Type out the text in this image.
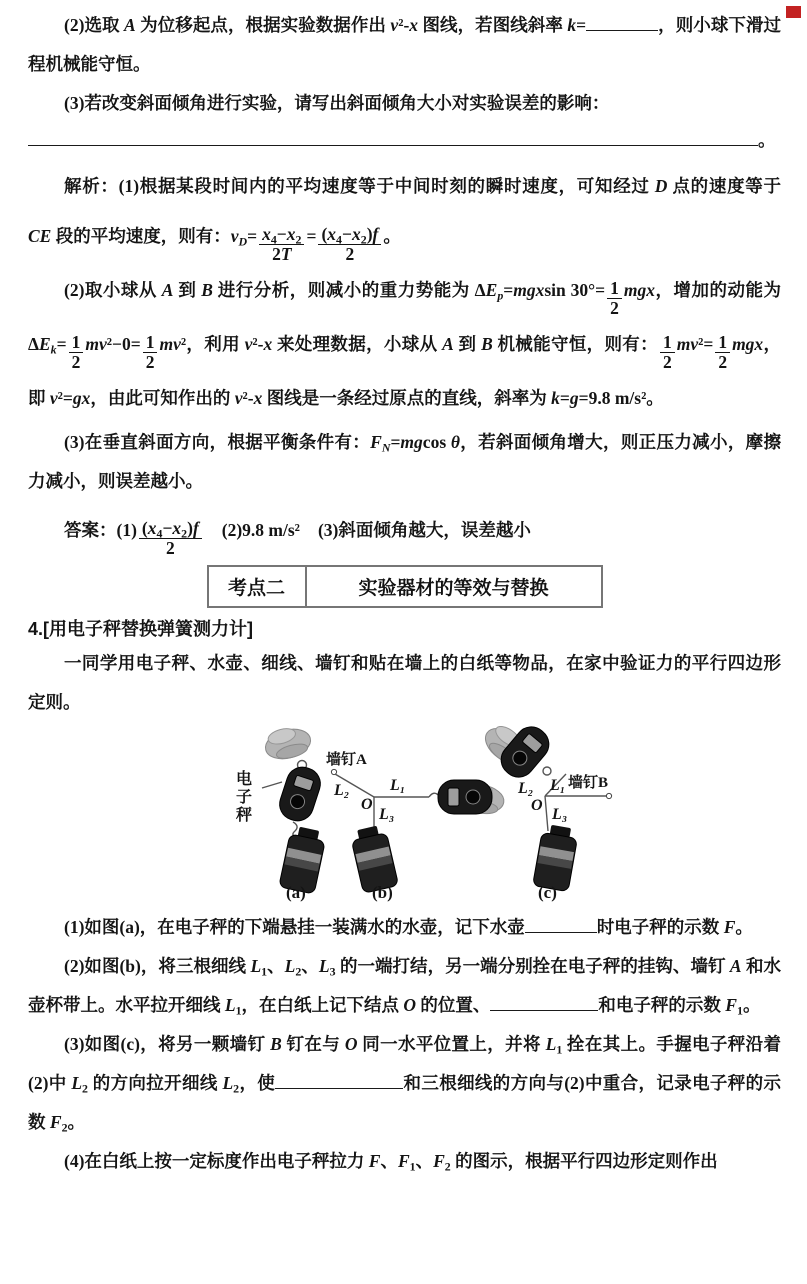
(2)选取 A 为位移起点，根据实验数据作出 v²-x 图线，若图线斜率 k=	，则小球下滑过程机械能守恒。

(3)若改变斜面倾角进行实验，请写出斜面倾角大小对实验误差的影响：

。

解析：(1)根据某段时间内的平均速度等于中间时刻的瞬时速度，可知经过 D 点的速度等于 CE 段的平均速度，则有：$v_D= \frac{x_4-x_2}{2T} = \frac{(x_4-x_2)f}{2}$ 。

(2)取小球从 A 到 B 进行分析，则减小的重力势能为 $\Delta E_p=mgxsin$ $30^\circ= \frac{1}{2}$ mgx，增加的动能为 $\Delta E_k= \frac{1}{2} mv^2-0= \frac{1}{2} mv^2$，利用 v²-x 来处理数据，小球从 A 到 B 机械能守恒，则有： $\frac{1}{2} mv^2= \frac{1}{2}$ mgx，即 v²=gx，由此可知作出的 v²-x 图线是一条经过原点的直线，斜率为 k=g=9.8 m/s²。

(3)在垂直斜面方向，根据平衡条件有：$F_N=mgcos$ θ，若斜面倾角增大，则正压力减小，摩擦力减小，则误差越小。

答案：$(1) \frac{(x_4-x_2)f}{2} (2)9.8$ m/s² (3)斜面倾角越大，误差越小

考点二	实验器材的等效与替换

4.[用电子秤替换弹簧测力计]

一同学用电子秤、水壶、细线、墙钉和贴在墙上的白纸等物品，在家中验证力的平行四边形定则。

电子秤
(a)
墙钉A
L₂
O
L₁
L₃
(b)
L₂
O
L₁ 墙钉B
L₃
(c)

(1)如图(a)，在电子秤的下端悬挂一装满水的水壶，记下水壶	时电子秤的示数 F。

(2)如图(b)，将三根细线 $L_1$、$L_2$、$L_3$ 的一端打结，另一端分别拴在电子秤的挂钩、墙钉 A 和水壶杯带上。水平拉开细线 $L_1$，在白纸上记下结点 O 的位置、	和电子秤的示数 $F_1$。

(3)如图(c)，将另一颗墙钉 B 钉在与 O 同一水平位置上，并将 $L_1$ 拴在其上。手握电子秤沿着(2)中 $L_2$ 的方向拉开细线 $L_2$，使	和三根细线的方向与(2)中重合，记录电子秤的示数 $F_2$。

(4)在白纸上按一定标度作出电子秤拉力 F、$F_1$、$F_2$ 的图示，根据平行四边形定则作出
